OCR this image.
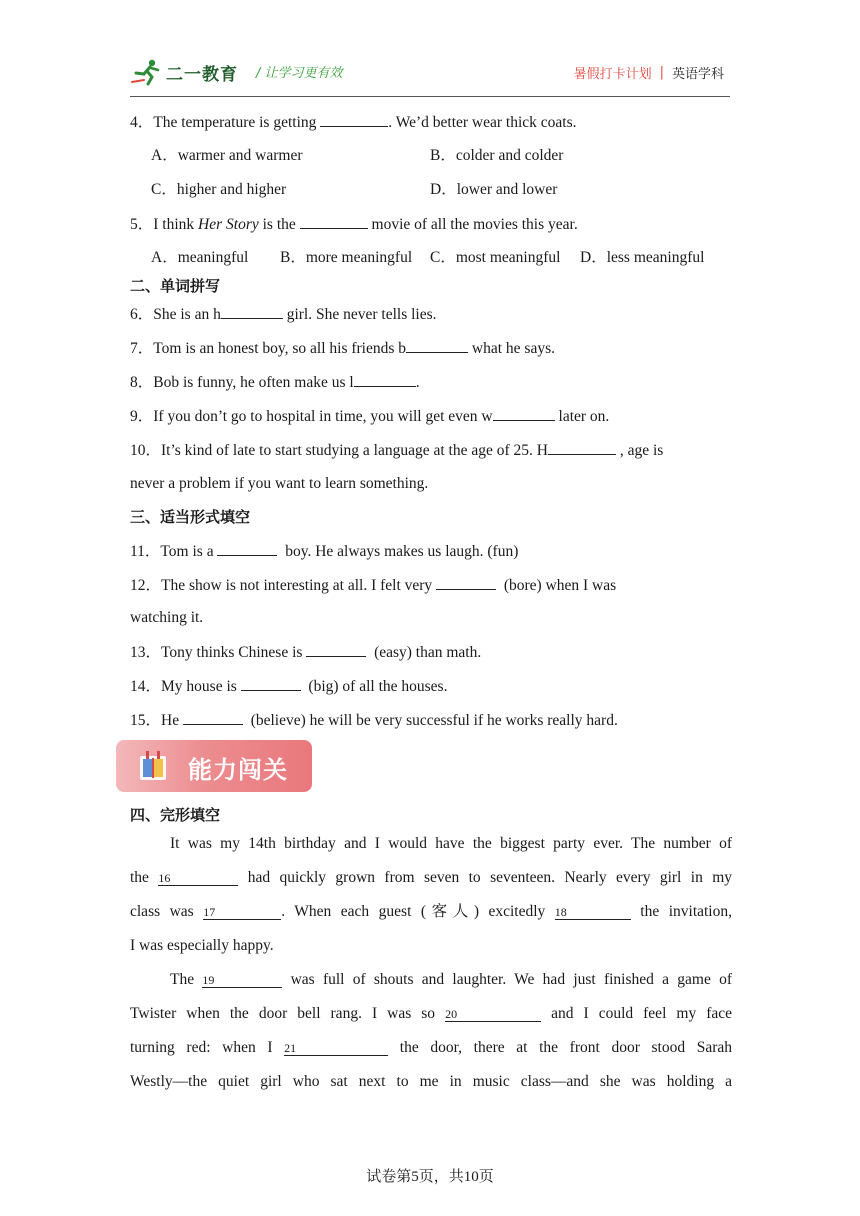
二一教育 / 让学习更有效	暑假打卡计划 | 英语学科
4．The temperature is getting	. We’d better wear thick coats.
A．warmer and warmer	B．colder and colder
C．higher and higher	D．lower and lower
5．I think Her Story is the	movie of all the movies this year.
A．meaningful B．more meaningful C．most meaningful D．less meaningful
二、单词拼写
6．She is an h	girl. She never tells lies.
7．Tom is an honest boy, so all his friends b	what he says.
8．Bob is funny, he often make us l	.
9．If you don’t go to hospital in time, you will get even w	later on.
10．It’s kind of late to start studying a language at the age of 25. H	, age is
never a problem if you want to learn something.
三、适当形式填空
11．Tom is a	boy. He always makes us laugh. (fun)
12．The show is not interesting at all. I felt very	(bore) when I was
watching it.
13．Tony thinks Chinese is	(easy) than math.
14．My house is	(big) of all the houses.
15．He	(believe) he will be very successful if he works really hard.
能力闯关
四、完形填空
It was my 14th birthday and I would have the biggest party ever. The number of
the 16	had quickly grown from seven to seventeen. Nearly every girl in my
class was 17	. When each guest (客人) excitedly 18	the invitation,
I was especially happy.
The 19	was full of shouts and laughter. We had just finished a game of
Twister when the door bell rang. I was so 20	and I could feel my face
turning red: when I 21	the door, there at the front door stood Sarah
Westly—the quiet girl who sat next to me in music class—and she was holding a
试卷第5页，共10页
